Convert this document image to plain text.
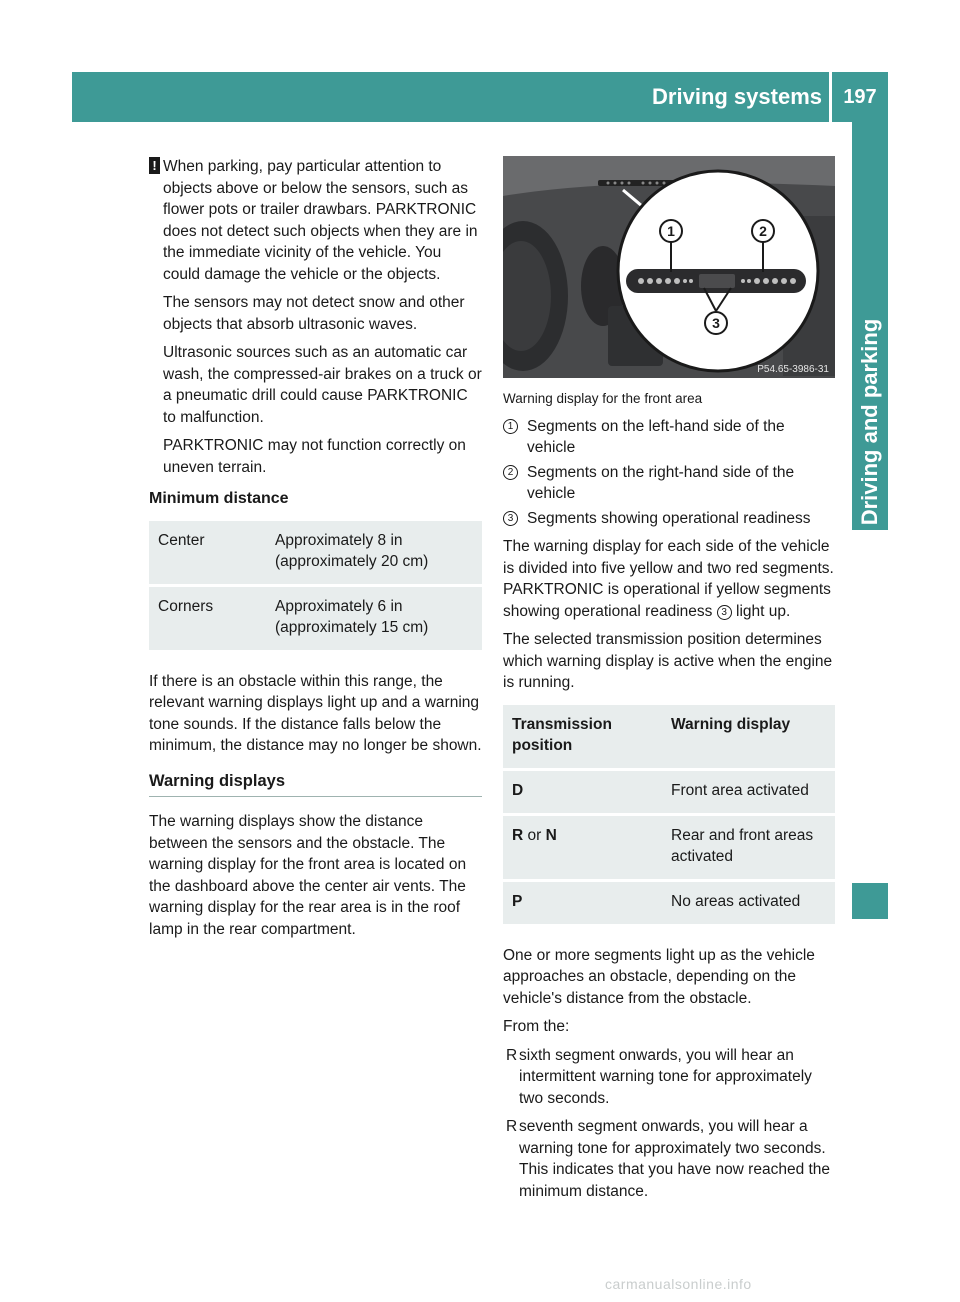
Driving systems	197
Driving and parking

! When parking, pay particular attention to objects above or below the sensors, such as flower pots or trailer drawbars. PARKTRONIC does not detect such objects when they are in the immediate vicinity of the vehicle. You could damage the vehicle or the objects.

The sensors may not detect snow and other objects that absorb ultrasonic waves.

Ultrasonic sources such as an automatic car wash, the compressed-air brakes on a truck or a pneumatic drill could cause PARKTRONIC to malfunction.

PARKTRONIC may not function correctly on uneven terrain.

Minimum distance
Center	Approximately 8 in (approximately 20 cm)
Corners	Approximately 6 in (approximately 15 cm)

If there is an obstacle within this range, the relevant warning displays light up and a warning tone sounds. If the distance falls below the minimum, the distance may no longer be shown.

Warning displays

The warning displays show the distance between the sensors and the obstacle. The warning display for the front area is located on the dashboard above the center air vents. The warning display for the rear area is in the roof lamp in the rear compartment.

1	2
3
P54.65-3986-31

Warning display for the front area

1 Segments on the left-hand side of the vehicle
2 Segments on the right-hand side of the vehicle
3 Segments showing operational readiness

The warning display for each side of the vehicle is divided into five yellow and two red segments. PARKTRONIC is operational if yellow segments showing operational readiness 3 light up.

The selected transmission position determines which warning display is active when the engine is running.

Transmission position	Warning display
D	Front area activated
R or N	Rear and front areas activated
P	No areas activated

One or more segments light up as the vehicle approaches an obstacle, depending on the vehicle's distance from the obstacle.

From the:

R sixth segment onwards, you will hear an intermittent warning tone for approximately two seconds.
R seventh segment onwards, you will hear a warning tone for approximately two seconds. This indicates that you have now reached the minimum distance.
carmanualsonline.info
